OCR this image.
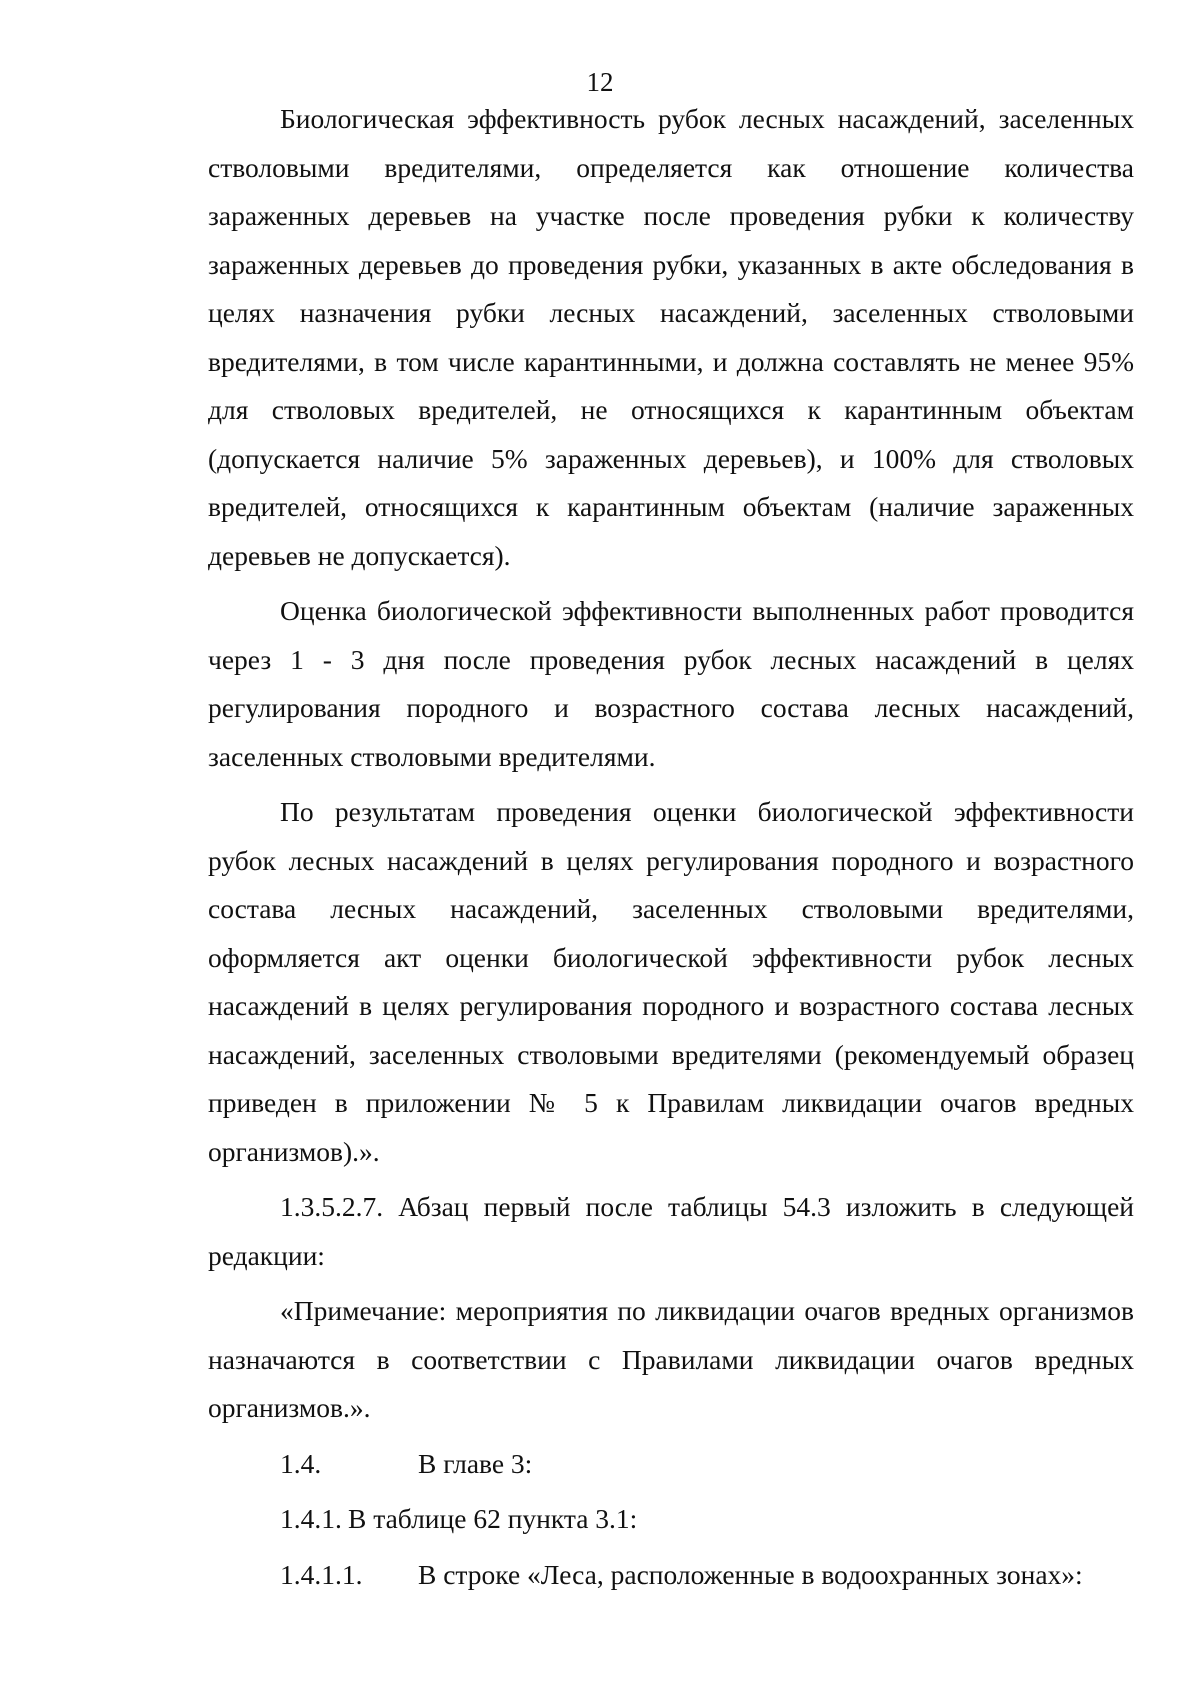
12

Биологическая эффективность рубок лесных насаждений, заселенных стволовыми вредителями, определяется как отношение количества зараженных деревьев на участке после проведения рубки к количеству зараженных деревьев до проведения рубки, указанных в акте обследования в целях назначения рубки лесных насаждений, заселенных стволовыми вредителями, в том числе карантинными, и должна составлять не менее 95% для стволовых вредителей, не относящихся к карантинным объектам (допускается наличие 5% зараженных деревьев), и 100% для стволовых вредителей, относящихся к карантинным объектам (наличие зараженных деревьев не допускается).

Оценка биологической эффективности выполненных работ проводится через 1 - 3 дня после проведения рубок лесных насаждений в целях регулирования породного и возрастного состава лесных насаждений, заселенных стволовыми вредителями.

По результатам проведения оценки биологической эффективности рубок лесных насаждений в целях регулирования породного и возрастного состава лесных насаждений, заселенных стволовыми вредителями, оформляется акт оценки биологической эффективности рубок лесных насаждений в целях регулирования породного и возрастного состава лесных насаждений, заселенных стволовыми вредителями (рекомендуемый образец приведен в приложении № 5 к Правилам ликвидации очагов вредных организмов).».

1.3.5.2.7. Абзац первый после таблицы 54.3 изложить в следующей редакции:

«Примечание: мероприятия по ликвидации очагов вредных организмов назначаются в соответствии с Правилами ликвидации очагов вредных организмов.».

1.4.	В главе 3:
1.4.1. В таблице 62 пункта 3.1:
1.4.1.1. В строке «Леса, расположенные в водоохранных зонах»:
